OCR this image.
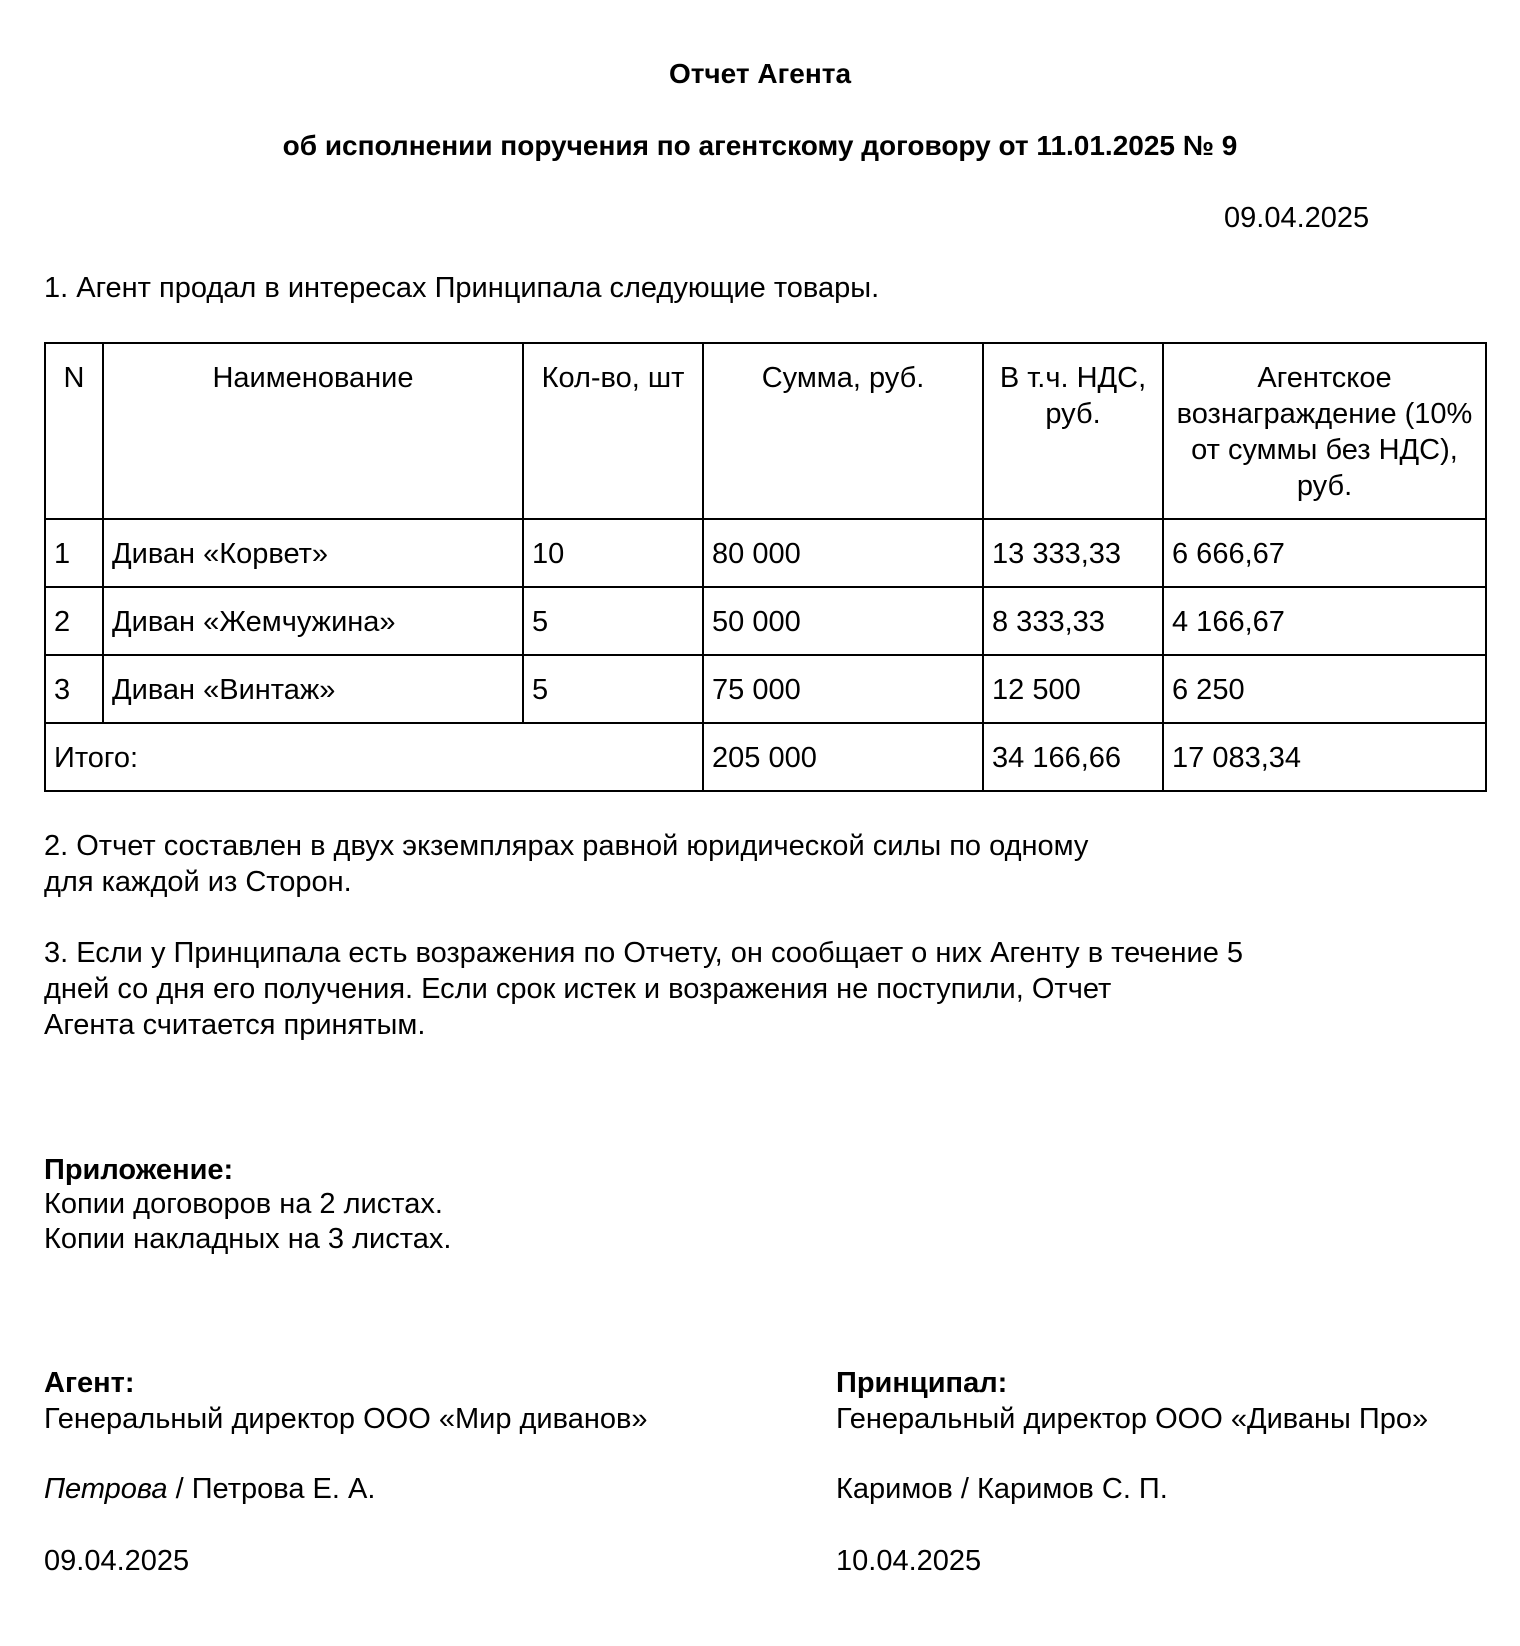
Отчет Агента
об исполнении поручения по агентскому договору от 11.01.2025 № 9
09.04.2025
1. Агент продал в интересах Принципала следующие товары.
N	Наименование	Кол-во, шт	Сумма, руб.	В т.ч. НДС, руб.	Агентское вознаграждение (10% от суммы без НДС), руб.
1	Диван «Корвет»	10	80 000	13 333,33	6 666,67
2	Диван «Жемчужина»	5	50 000	8 333,33	4 166,67
3	Диван «Винтаж»	5	75 000	12 500	6 250
Итого:			205 000	34 166,66	17 083,34
2. Отчет составлен в двух экземплярах равной юридической силы по одному
для каждой из Сторон.
3. Если у Принципала есть возражения по Отчету, он сообщает о них Агенту в течение 5
дней со дня его получения. Если срок истек и возражения не поступили, Отчет
Агента считается принятым.
Приложение:
Копии договоров на 2 листах.
Копии накладных на 3 листах.
Агент:
Генеральный директор ООО «Мир диванов»
Петрова / Петрова Е. А.
09.04.2025
Принципал:
Генеральный директор ООО «Диваны Про»
Каримов / Каримов С. П.
10.04.2025
